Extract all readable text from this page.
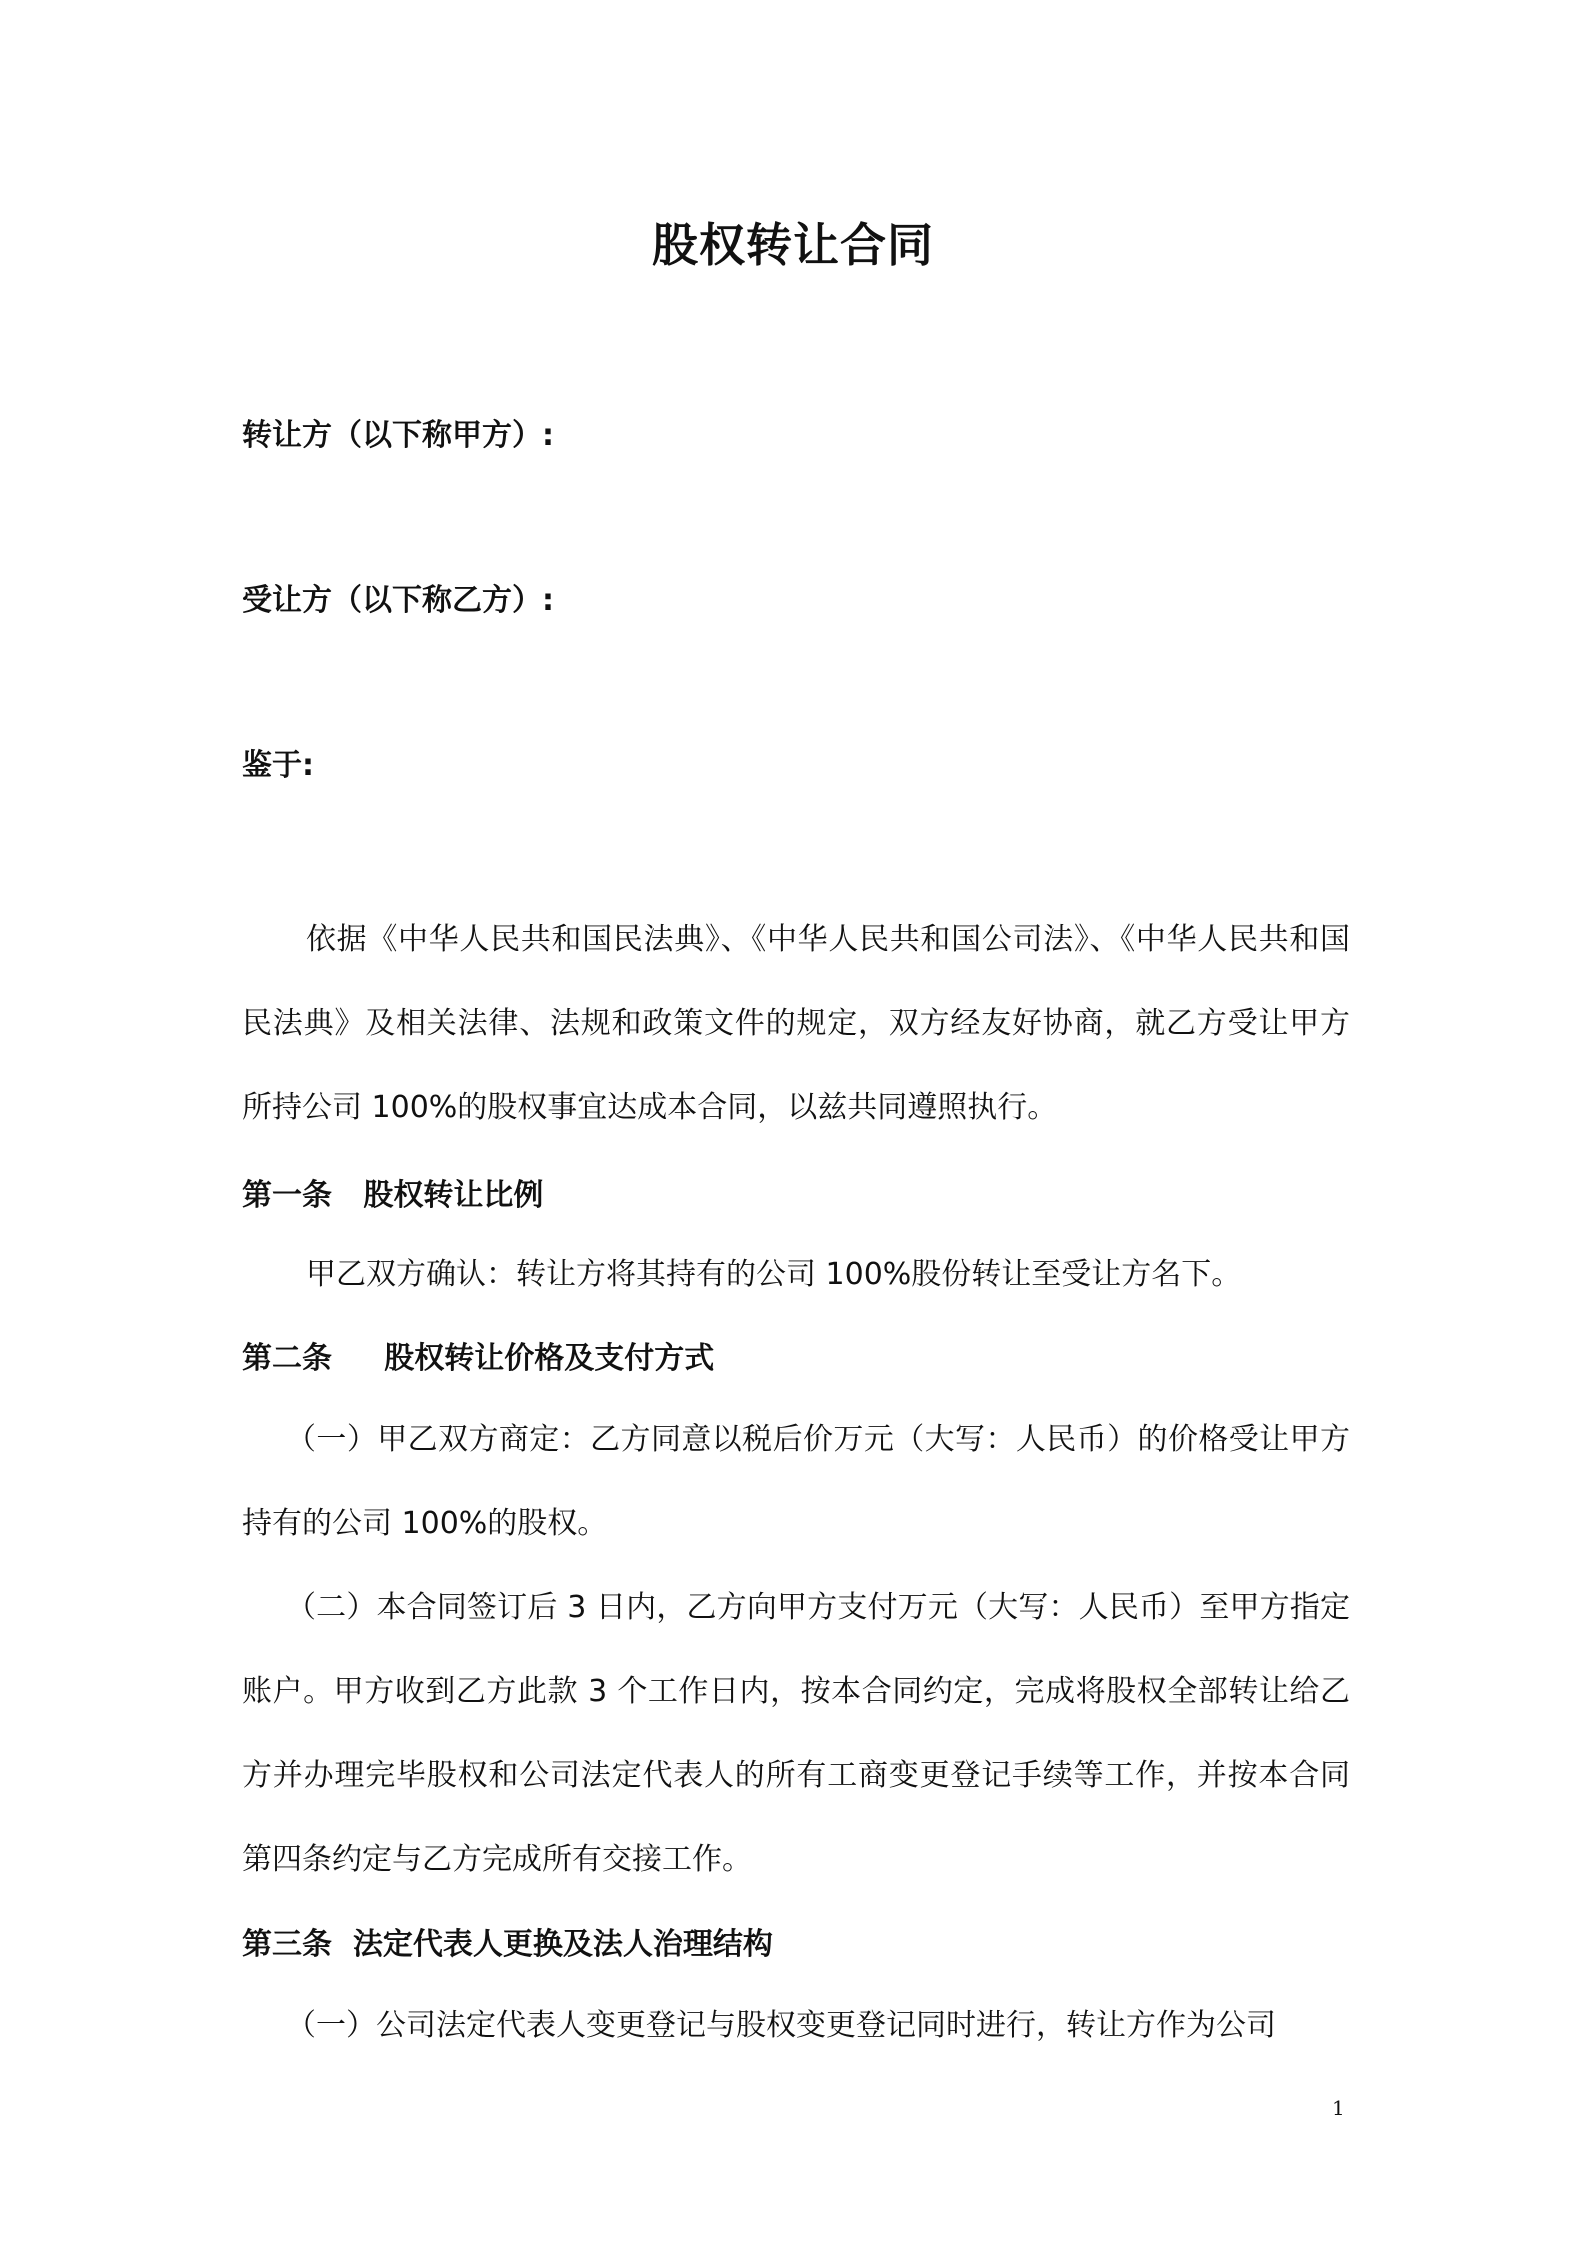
股权转让合同
转让方（以下称甲方）:
受让方（以下称乙方）:
鉴于:

依据《中华人民共和国民法典》、《中华人民共和国公司法》、《中华人民共和国民法典》及相关法律、法规和政策文件的规定，双方经友好协商，就乙方受让甲方所持公司 100%的股权事宜达成本合同，以兹共同遵照执行。

第一条   股权转让比例

甲乙双方确认：转让方将其持有的公司 100%股份转让至受让方名下。

第二条     股权转让价格及支付方式

（一）甲乙双方商定：乙方同意以税后价万元（大写：人民币）的价格受让甲方持有的公司 100%的股权。

（二）本合同签订后 3 日内，乙方向甲方支付万元（大写：人民币）至甲方指定账户。甲方收到乙方此款 3 个工作日内，按本合同约定，完成将股权全部转让给乙方并办理完毕股权和公司法定代表人的所有工商变更登记手续等工作，并按本合同第四条约定与乙方完成所有交接工作。

第三条  法定代表人更换及法人治理结构

（一）公司法定代表人变更登记与股权变更登记同时进行，转让方作为公司

1
